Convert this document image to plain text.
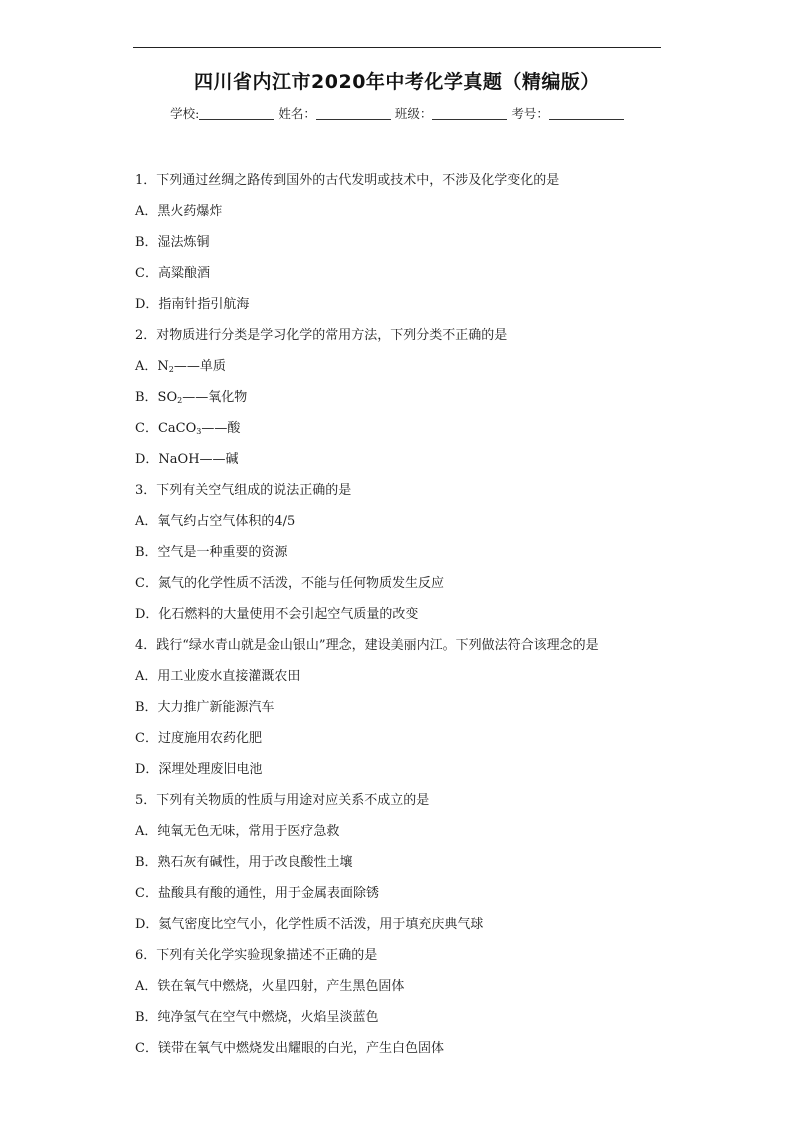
四川省内江市2020年中考化学真题（精编版）
学校:	姓名：	班级：	考号：
1．下列通过丝绸之路传到国外的古代发明或技术中，不涉及化学变化的是
A．黑火药爆炸
B．湿法炼铜
C．高粱酿酒
D．指南针指引航海
2．对物质进行分类是学习化学的常用方法，下列分类不正确的是
A．$N_2——$单质
B．$SO_2——$氧化物
C．CaCO$_3$——酸
D．NaOH——碱
3．下列有关空气组成的说法正确的是
A．氧气约占空气体积的4/5
B．空气是一种重要的资源
C．氮气的化学性质不活泼，不能与任何物质发生反应
D．化石燃料的大量使用不会引起空气质量的改变
4．践行“绿水青山就是金山银山”理念，建设美丽内江。下列做法符合该理念的是
A．用工业废水直接灌溉农田
B．大力推广新能源汽车
C．过度施用农药化肥
D．深埋处理废旧电池
5．下列有关物质的性质与用途对应关系不成立的是
A．纯氧无色无味，常用于医疗急救
B．熟石灰有碱性，用于改良酸性土壤
C．盐酸具有酸的通性，用于金属表面除锈
D．氦气密度比空气小，化学性质不活泼，用于填充庆典气球
6．下列有关化学实验现象描述不正确的是
A．铁在氧气中燃烧，火星四射，产生黑色固体
B．纯净氢气在空气中燃烧，火焰呈淡蓝色
C．镁带在氧气中燃烧发出耀眼的白光，产生白色固体
